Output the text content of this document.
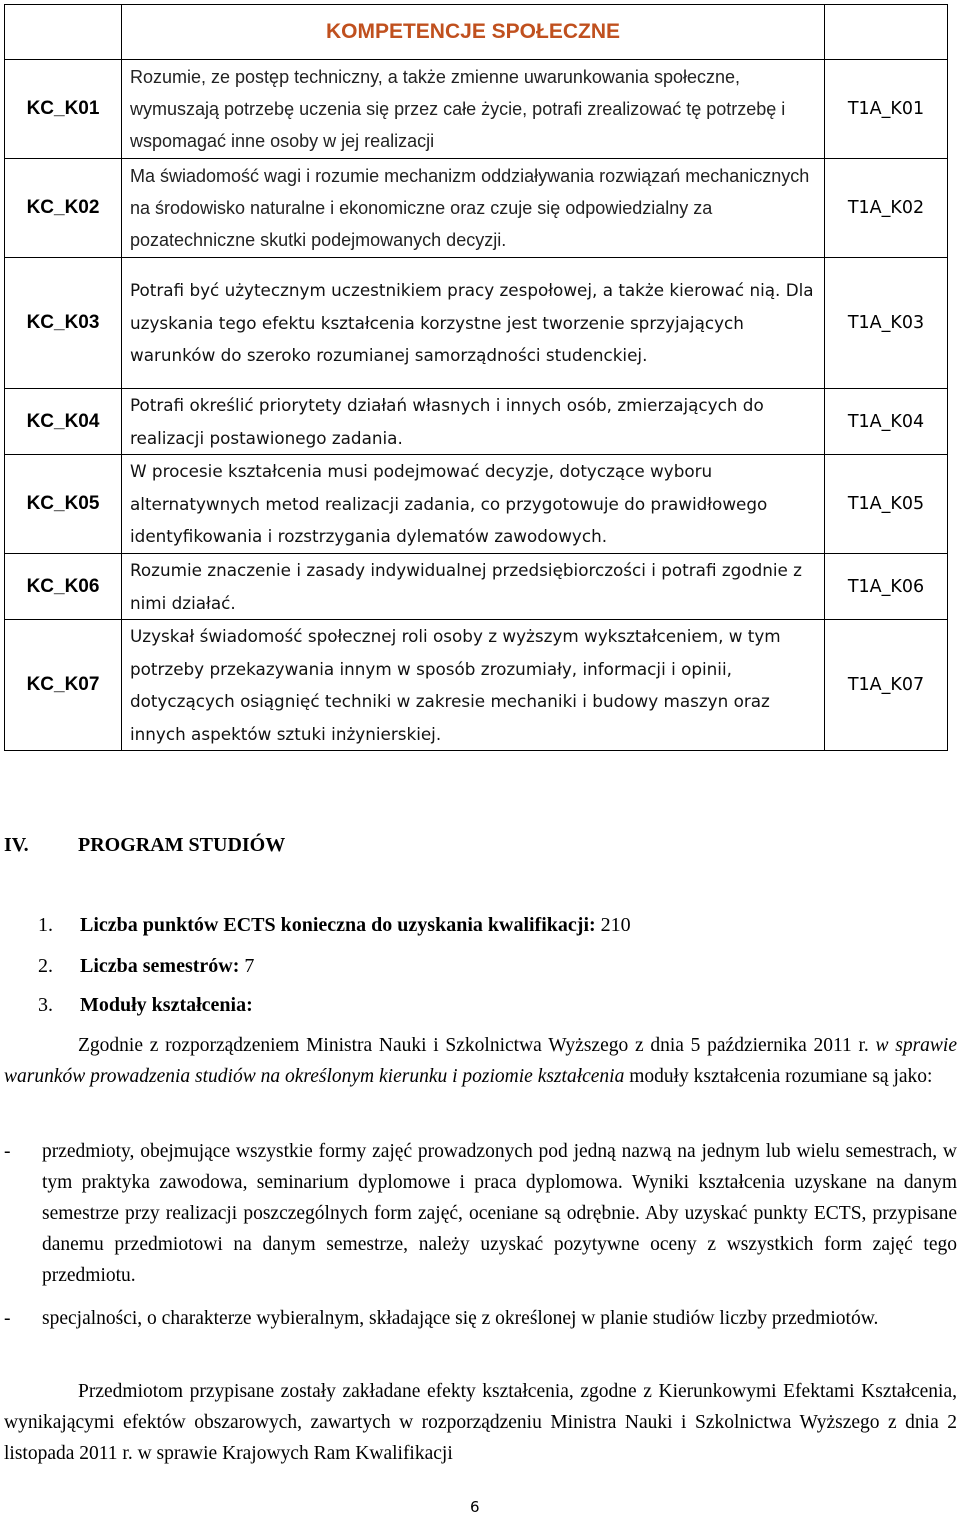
	KOMPETENCJE SPOŁECZNE	
KC_K01	Rozumie, ze postęp techniczny, a także zmienne uwarunkowania społeczne, wymuszają potrzebę uczenia się przez całe życie, potrafi zrealizować tę potrzebę i wspomagać inne osoby w jej realizacji	T1A_K01
KC_K02	Ma świadomość wagi i rozumie mechanizm oddziaływania rozwiązań mechanicznych na środowisko naturalne i ekonomiczne oraz czuje się odpowiedzialny za pozatechniczne skutki podejmowanych decyzji.	T1A_K02
KC_K03	Potrafi być użytecznym uczestnikiem pracy zespołowej, a także kierować nią. Dla uzyskania tego efektu kształcenia korzystne jest tworzenie sprzyjających warunków do szeroko rozumianej samorządności studenckiej.	T1A_K03
KC_K04	Potrafi określić priorytety działań własnych i innych osób, zmierzających do realizacji postawionego zadania.	T1A_K04
KC_K05	W procesie kształcenia musi podejmować decyzje, dotyczące wyboru alternatywnych metod realizacji zadania, co przygotowuje do prawidłowego identyfikowania i rozstrzygania dylematów zawodowych.	T1A_K05
KC_K06	Rozumie znaczenie i zasady indywidualnej przedsiębiorczości i potrafi zgodnie z nimi działać.	T1A_K06
KC_K07	Uzyskał świadomość społecznej roli osoby z wyższym wykształceniem, w tym potrzeby przekazywania innym w sposób zrozumiały, informacji i opinii, dotyczących osiągnięć techniki w zakresie mechaniki i budowy maszyn oraz innych aspektów sztuki inżynierskiej.	T1A_K07
IV. PROGRAM STUDIÓW
1. Liczba punktów ECTS konieczna do uzyskania kwalifikacji: 210
2. Liczba semestrów: 7
3. Moduły kształcenia:
Zgodnie z rozporządzeniem Ministra Nauki i Szkolnictwa Wyższego z dnia 5 października 2011 r. w sprawie warunków prowadzenia studiów na określonym kierunku i poziomie kształcenia moduły kształcenia rozumiane są jako:
- przedmioty, obejmujące wszystkie formy zajęć prowadzonych pod jedną nazwą na jednym lub wielu semestrach, w tym praktyka zawodowa, seminarium dyplomowe i praca dyplomowa. Wyniki kształcenia uzyskane na danym semestrze przy realizacji poszczególnych form zajęć, oceniane są odrębnie. Aby uzyskać punkty ECTS, przypisane danemu przedmiotowi na danym semestrze, należy uzyskać pozytywne oceny z wszystkich form zajęć tego przedmiotu.
- specjalności, o charakterze wybieralnym, składające się z określonej w planie studiów liczby przedmiotów.
Przedmiotom przypisane zostały zakładane efekty kształcenia, zgodne z Kierunkowymi Efektami Kształcenia, wynikającymi efektów obszarowych, zawartych w rozporządzeniu Ministra Nauki i Szkolnictwa Wyższego z dnia 2 listopada 2011 r. w sprawie Krajowych Ram Kwalifikacji
6
